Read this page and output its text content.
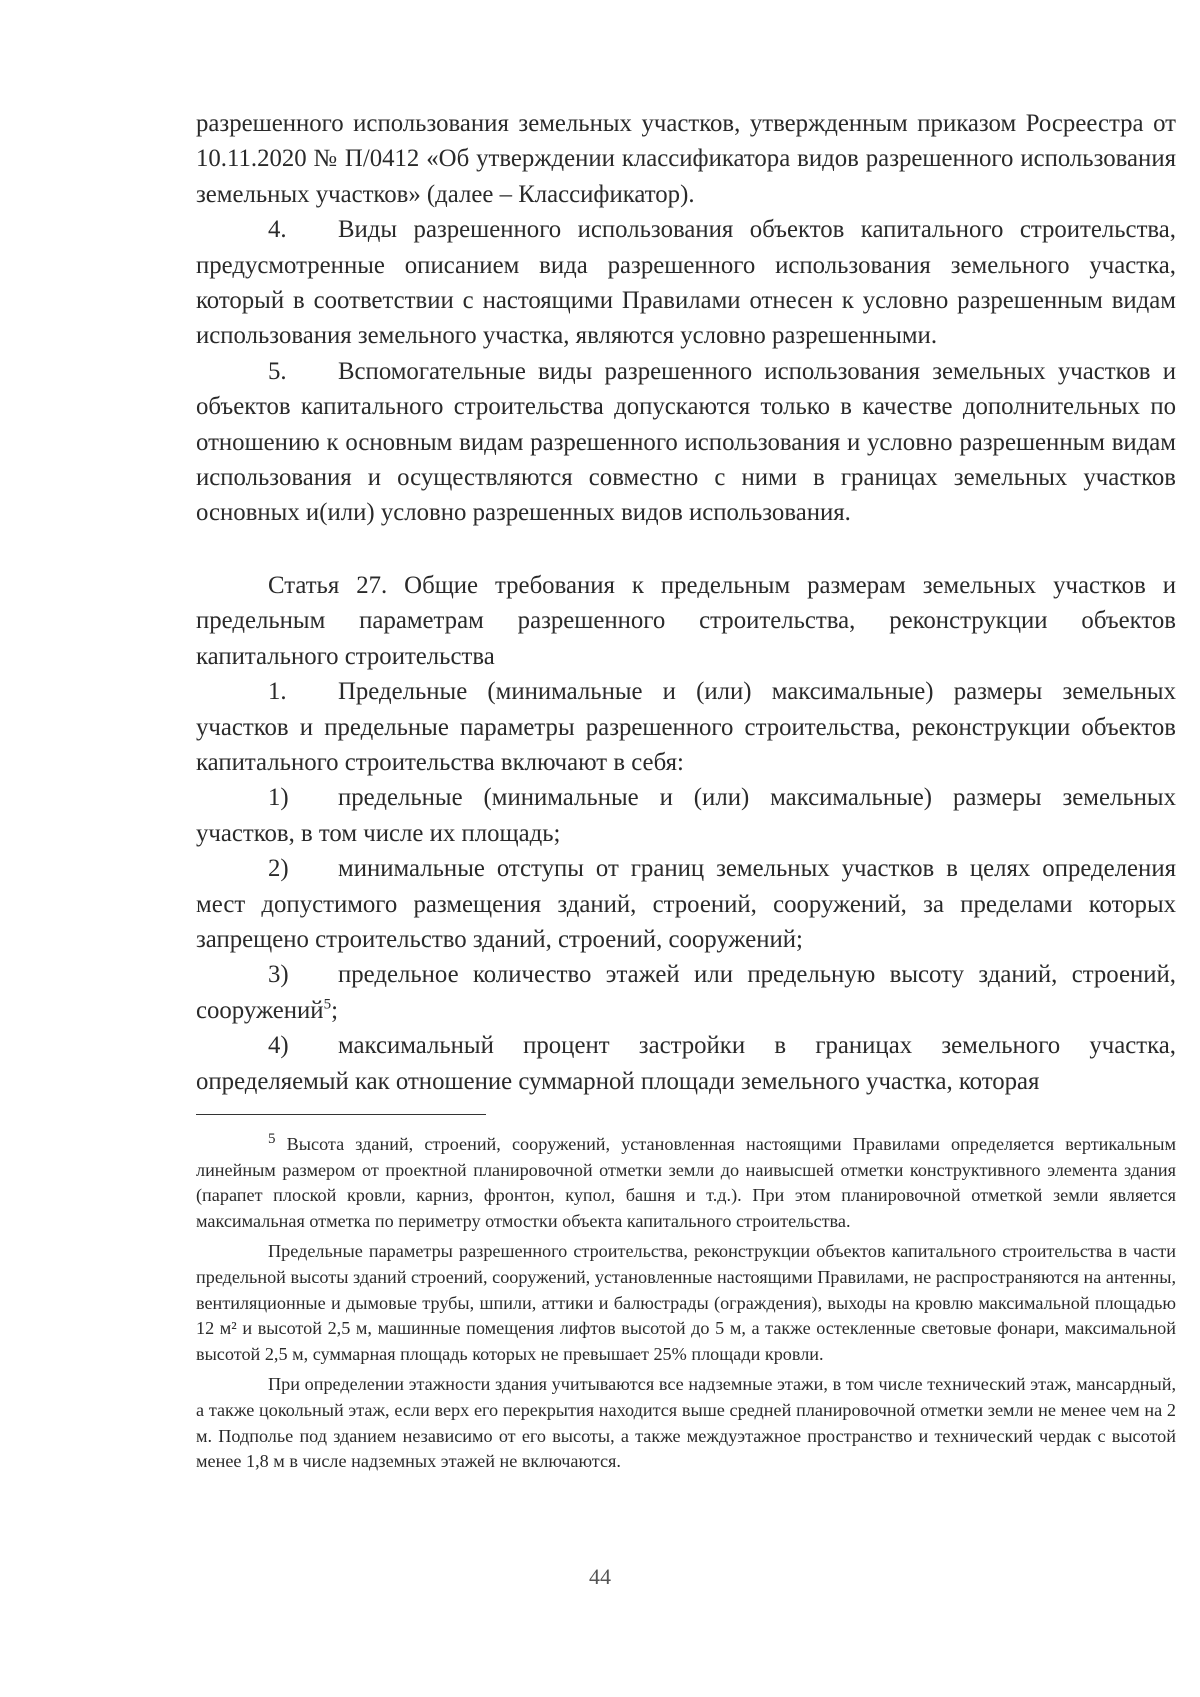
разрешенного использования земельных участков, утвержденным приказом Росреестра от 10.11.2020 № П/0412 «Об утверждении классификатора видов разрешенного использования земельных участков» (далее – Классификатор).

4. Виды разрешенного использования объектов капитального строительства, предусмотренные описанием вида разрешенного использования земельного участка, который в соответствии с настоящими Правилами отнесен к условно разрешенным видам использования земельного участка, являются условно разрешенными.

5. Вспомогательные виды разрешенного использования земельных участков и объектов капитального строительства допускаются только в качестве дополнительных по отношению к основным видам разрешенного использования и условно разрешенным видам использования и осуществляются совместно с ними в границах земельных участков основных и(или) условно разрешенных видов использования.

Статья 27. Общие требования к предельным размерам земельных участков и предельным параметрам разрешенного строительства, реконструкции объектов капитального строительства

1. Предельные (минимальные и (или) максимальные) размеры земельных участков и предельные параметры разрешенного строительства, реконструкции объектов капитального строительства включают в себя:

1) предельные (минимальные и (или) максимальные) размеры земельных участков, в том числе их площадь;

2) минимальные отступы от границ земельных участков в целях определения мест допустимого размещения зданий, строений, сооружений, за пределами которых запрещено строительство зданий, строений, сооружений;

3) предельное количество этажей или предельную высоту зданий, строений, сооружений$^5$;

4) максимальный процент застройки в границах земельного участка, определяемый как отношение суммарной площади земельного участка, которая

$^5$ Высота зданий, строений, сооружений, установленная настоящими Правилами определяется вертикальным линейным размером от проектной планировочной отметки земли до наивысшей отметки конструктивного элемента здания (парапет плоской кровли, карниз, фронтон, купол, башня и т.д.). При этом планировочной отметкой земли является максимальная отметка по периметру отмостки объекта капитального строительства.

Предельные параметры разрешенного строительства, реконструкции объектов капитального строительства в части предельной высоты зданий строений, сооружений, установленные настоящими Правилами, не распространяются на антенны, вентиляционные и дымовые трубы, шпили, аттики и балюстрады (ограждения), выходы на кровлю максимальной площадью 12 м² и высотой 2,5 м, машинные помещения лифтов высотой до 5 м, а также остекленные световые фонари, максимальной высотой 2,5 м, суммарная площадь которых не превышает 25% площади кровли.

При определении этажности здания учитываются все надземные этажи, в том числе технический этаж, мансардный, а также цокольный этаж, если верх его перекрытия находится выше средней планировочной отметки земли не менее чем на 2 м. Подполье под зданием независимо от его высоты, а также междуэтажное пространство и технический чердак с высотой менее 1,8 м в числе надземных этажей не включаются.

44
